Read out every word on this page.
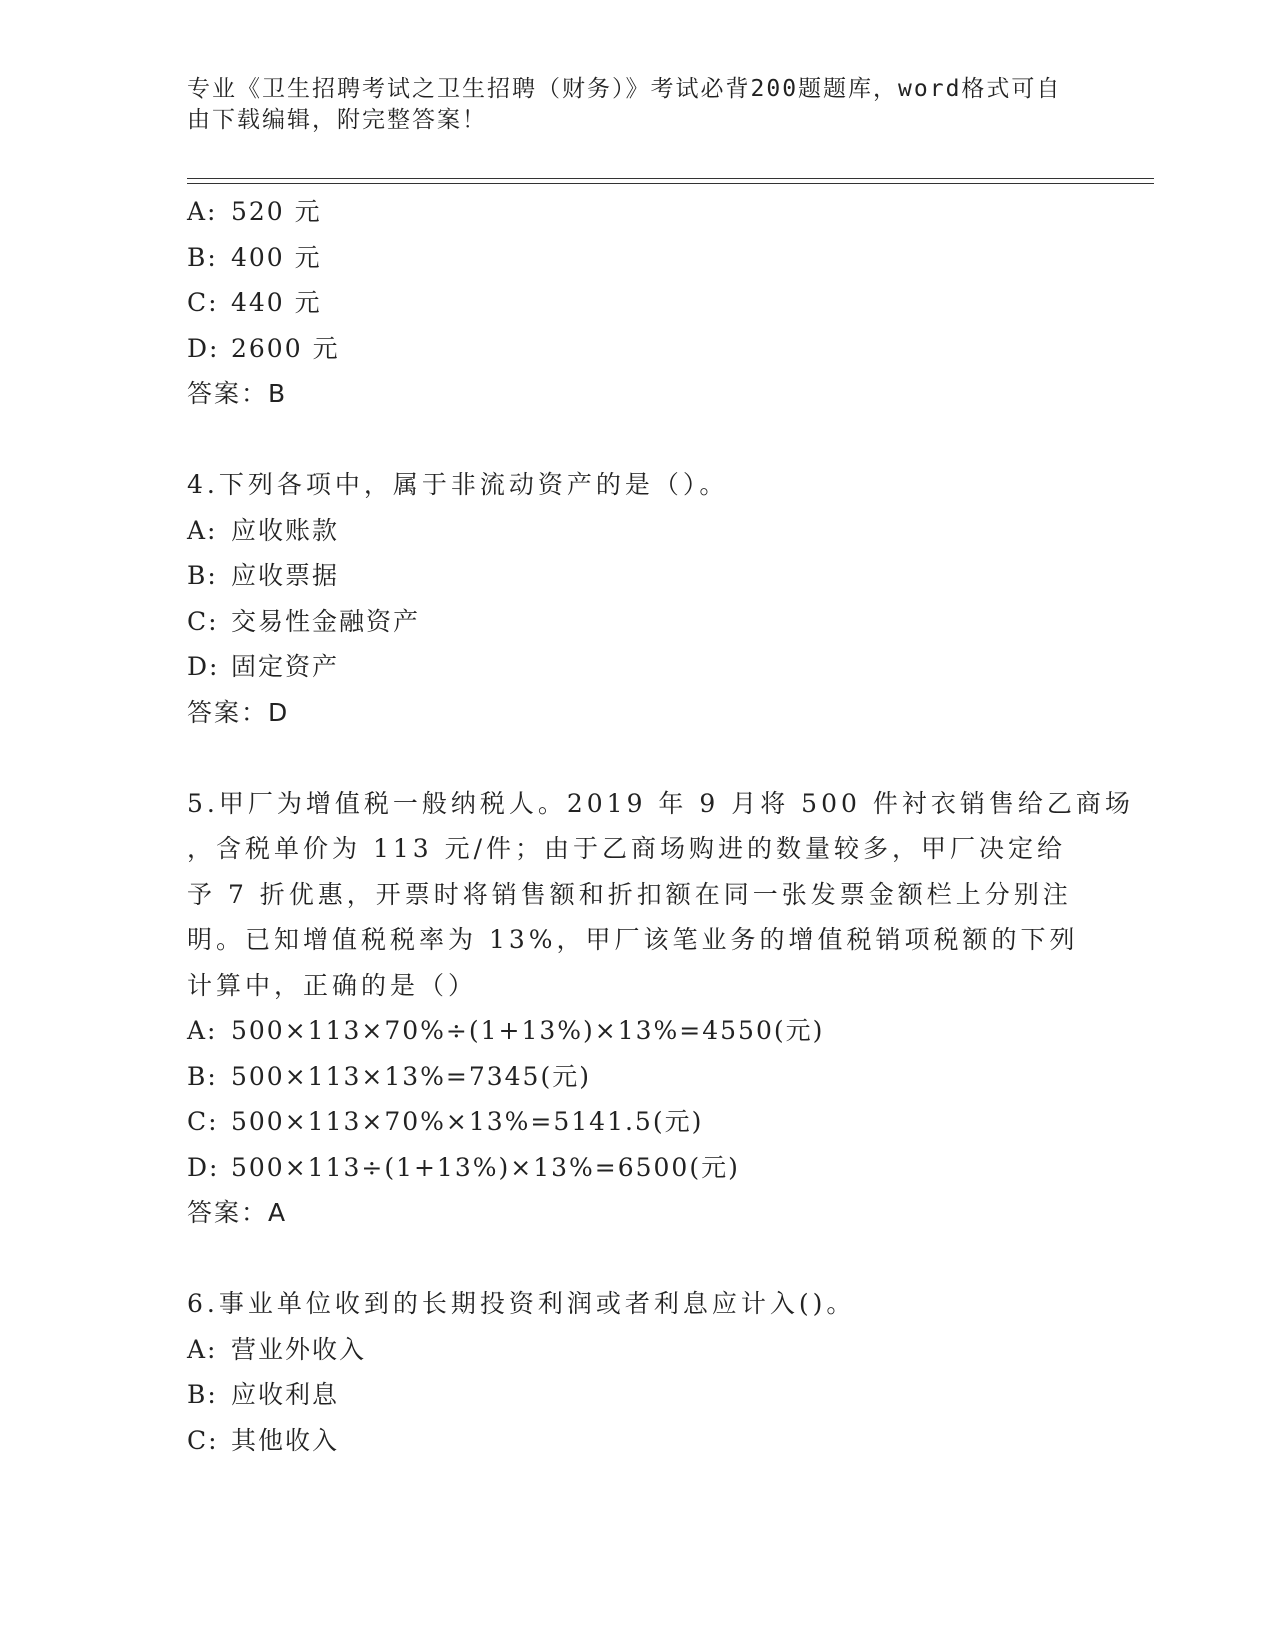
专业《卫生招聘考试之卫生招聘（财务）》考试必背200题题库，word格式可自
由下载编辑，附完整答案！
A: 520 元
B: 400 元
C: 440 元
D: 2600 元
答案：B
4.下列各项中，属于非流动资产的是（）。
A: 应收账款
B: 应收票据
C: 交易性金融资产
D: 固定资产
答案：D
5.甲厂为增值税一般纳税人。2019 年 9 月将 500 件衬衣销售给乙商场
，含税单价为 113 元/件；由于乙商场购进的数量较多，甲厂决定给
予 7 折优惠，开票时将销售额和折扣额在同一张发票金额栏上分别注
明。已知增值税税率为 13%，甲厂该笔业务的增值税销项税额的下列
计算中，正确的是（）
A: 500×113×70%÷(1+13%)×13%=4550(元)
B: 500×113×13%=7345(元)
C: 500×113×70%×13%=5141.5(元)
D: 500×113÷(1+13%)×13%=6500(元)
答案：A
6.事业单位收到的长期投资利润或者利息应计入()。
A: 营业外收入
B: 应收利息
C: 其他收入
